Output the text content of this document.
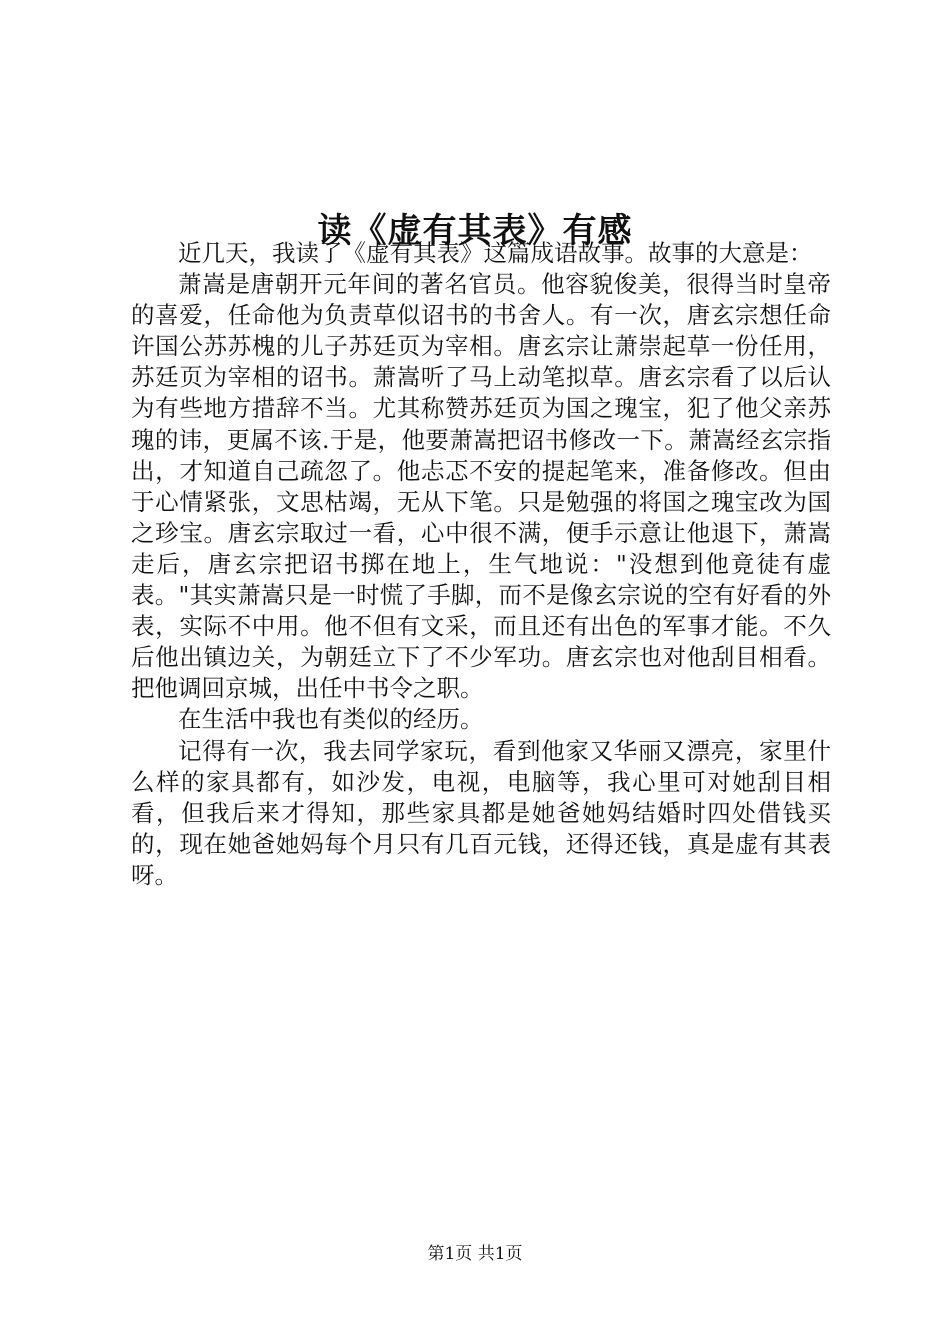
读《虚有其表》有感

近几天，我读了《虚有其表》这篇成语故事。故事的大意是：

萧嵩是唐朝开元年间的著名官员。他容貌俊美，很得当时皇帝的喜爱，任命他为负责草似诏书的书舍人。有一次，唐玄宗想任命许国公苏苏槐的儿子苏廷页为宰相。唐玄宗让萧崇起草一份任用，苏廷页为宰相的诏书。萧嵩听了马上动笔拟草。唐玄宗看了以后认为有些地方措辞不当。尤其称赞苏廷页为国之瑰宝，犯了他父亲苏瑰的讳，更属不该.于是，他要萧嵩把诏书修改一下。萧嵩经玄宗指出，才知道自己疏忽了。他忐忑不安的提起笔来，准备修改。但由于心情紧张，文思枯竭，无从下笔。只是勉强的将国之瑰宝改为国之珍宝。唐玄宗取过一看，心中很不满，便手示意让他退下，萧嵩走后，唐玄宗把诏书掷在地上，生气地说："没想到他竟徒有虚表。"其实萧嵩只是一时慌了手脚，而不是像玄宗说的空有好看的外表，实际不中用。他不但有文采，而且还有出色的军事才能。不久后他出镇边关，为朝廷立下了不少军功。唐玄宗也对他刮目相看。把他调回京城，出任中书令之职。

在生活中我也有类似的经历。

记得有一次，我去同学家玩，看到他家又华丽又漂亮，家里什么样的家具都有，如沙发，电视，电脑等，我心里可对她刮目相看，但我后来才得知，那些家具都是她爸她妈结婚时四处借钱买的，现在她爸她妈每个月只有几百元钱，还得还钱，真是虚有其表呀。

第1页 共1页
